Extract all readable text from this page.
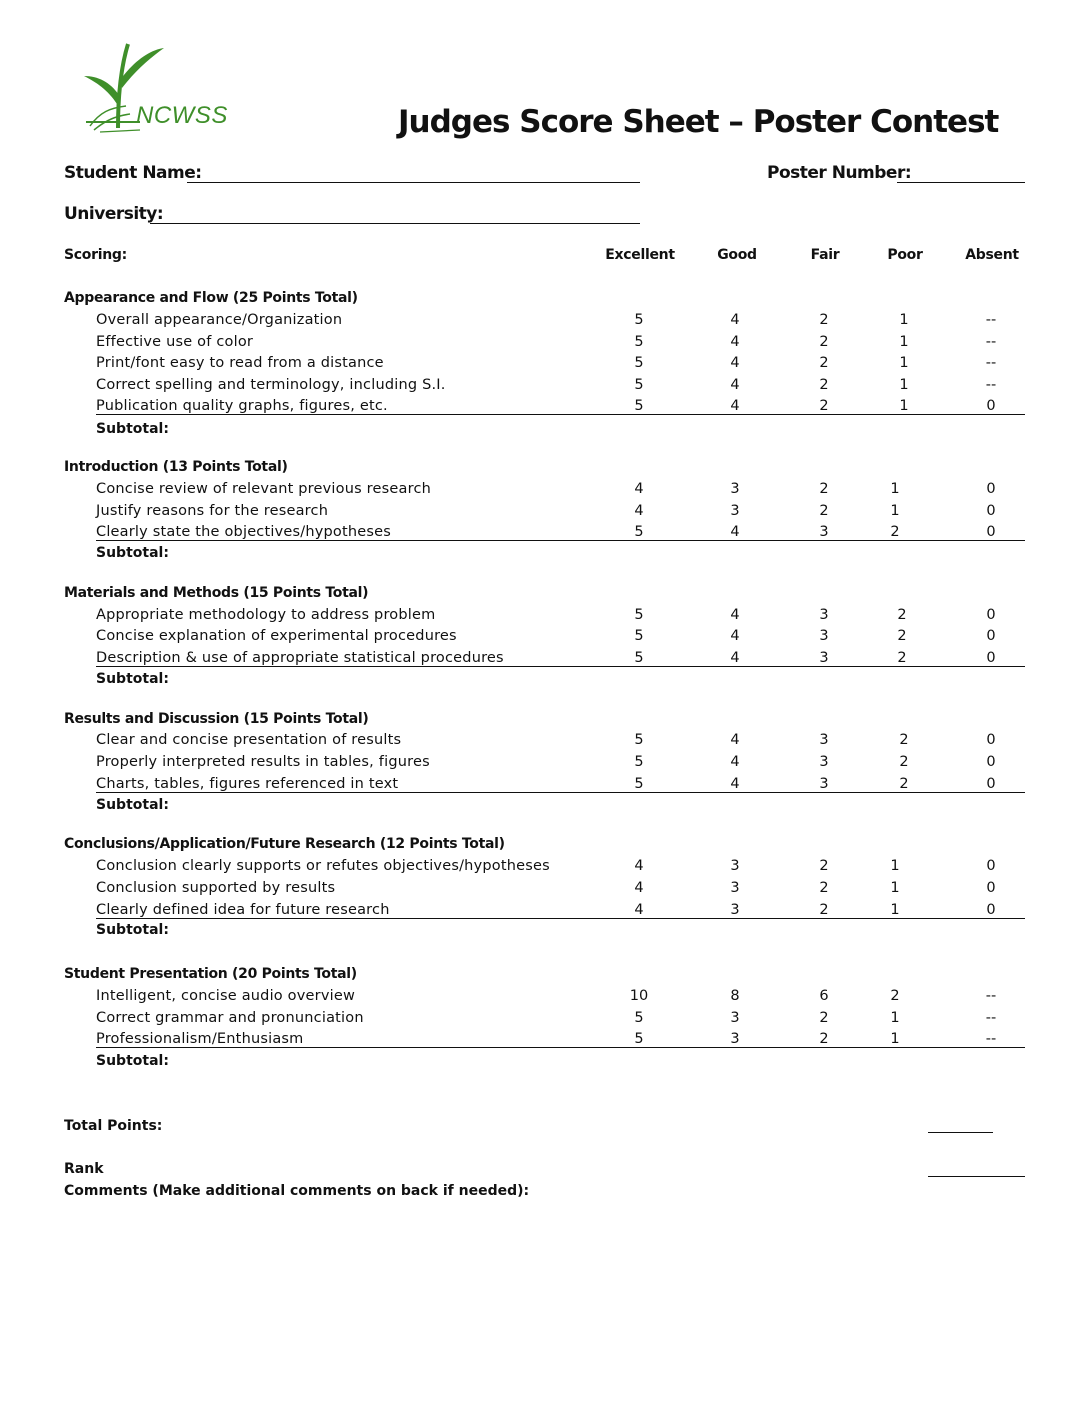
NCWSS	Judges Score Sheet – Poster Contest
Student Name:	Poster Number:
University:
Scoring:	Excellent	Good	Fair	Poor	Absent
Appearance and Flow (25 Points Total)
Overall appearance/Organization	5	4	2	1	--
Effective use of color	5	4	2	1	--
Print/font easy to read from a distance	5	4	2	1	--
Correct spelling and terminology, including S.I.	5	4	2	1	--
Publication quality graphs, figures, etc.	5	4	2	1	0
Subtotal:
Introduction (13 Points Total)
Concise review of relevant previous research	4	3	2	1	0
Justify reasons for the research	4	3	2	1	0
Clearly state the objectives/hypotheses	5	4	3	2	0
Subtotal:
Materials and Methods (15 Points Total)
Appropriate methodology to address problem	5	4	3	2	0
Concise explanation of experimental procedures	5	4	3	2	0
Description & use of appropriate statistical procedures	5	4	3	2	0
Subtotal:
Results and Discussion (15 Points Total)
Clear and concise presentation of results	5	4	3	2	0
Properly interpreted results in tables, figures	5	4	3	2	0
Charts, tables, figures referenced in text	5	4	3	2	0
Subtotal:
Conclusions/Application/Future Research (12 Points Total)
Conclusion clearly supports or refutes objectives/hypotheses	4	3	2	1	0
Conclusion supported by results	4	3	2	1	0
Clearly defined idea for future research	4	3	2	1	0
Subtotal:
Student Presentation (20 Points Total)
Intelligent, concise audio overview	10	8	6	2	--
Correct grammar and pronunciation	5	3	2	1	--
Professionalism/Enthusiasm	5	3	2	1	--
Subtotal:
Total Points:
Rank
Comments (Make additional comments on back if needed):
